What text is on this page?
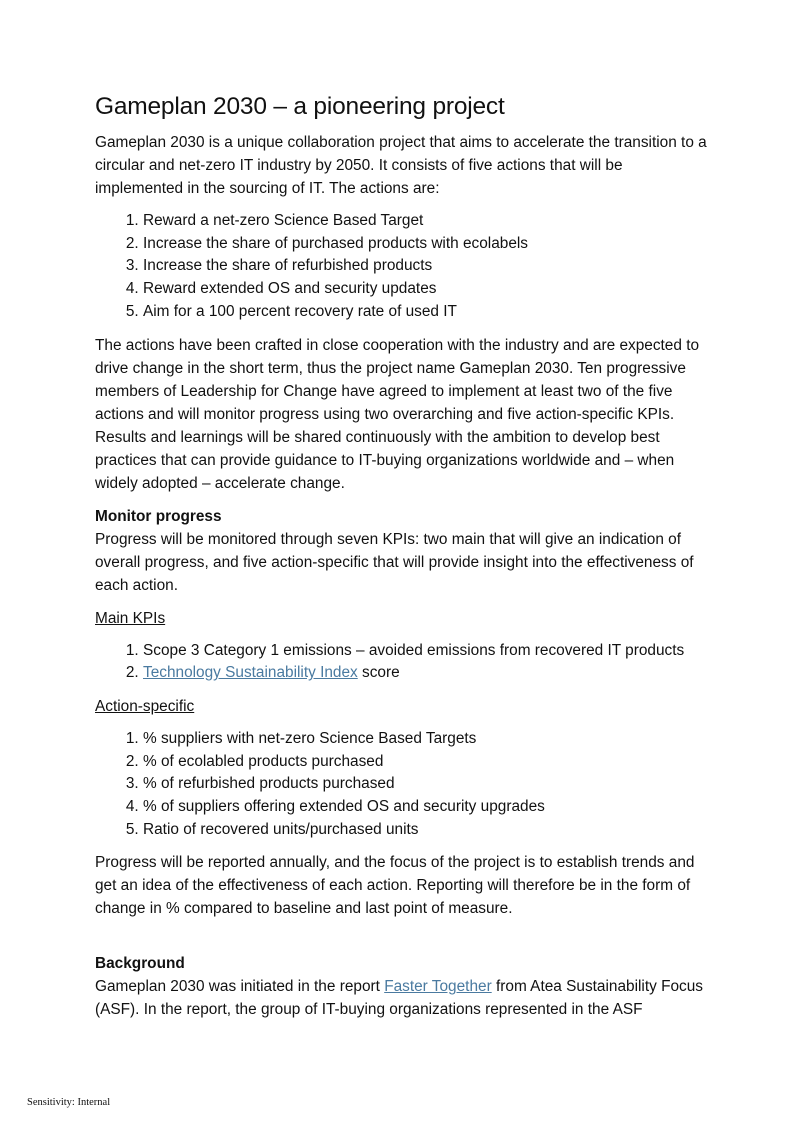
Gameplan 2030 – a pioneering project

Gameplan 2030 is a unique collaboration project that aims to accelerate the transition to a circular and net-zero IT industry by 2050. It consists of five actions that will be implemented in the sourcing of IT. The actions are:

1. Reward a net-zero Science Based Target
2. Increase the share of purchased products with ecolabels
3. Increase the share of refurbished products
4. Reward extended OS and security updates
5. Aim for a 100 percent recovery rate of used IT

The actions have been crafted in close cooperation with the industry and are expected to drive change in the short term, thus the project name Gameplan 2030. Ten progressive members of Leadership for Change have agreed to implement at least two of the five actions and will monitor progress using two overarching and five action-specific KPIs. Results and learnings will be shared continuously with the ambition to develop best practices that can provide guidance to IT-buying organizations worldwide and – when widely adopted – accelerate change.

Monitor progress

Progress will be monitored through seven KPIs: two main that will give an indication of overall progress, and five action-specific that will provide insight into the effectiveness of each action.

Main KPIs

1. Scope 3 Category 1 emissions – avoided emissions from recovered IT products
2. Technology Sustainability Index score

Action-specific

1. % suppliers with net-zero Science Based Targets
2. % of ecolabled products purchased
3. % of refurbished products purchased
4. % of suppliers offering extended OS and security upgrades
5. Ratio of recovered units/purchased units

Progress will be reported annually, and the focus of the project is to establish trends and get an idea of the effectiveness of each action. Reporting will therefore be in the form of change in % compared to baseline and last point of measure.

Background

Gameplan 2030 was initiated in the report Faster Together from Atea Sustainability Focus (ASF). In the report, the group of IT-buying organizations represented in the ASF

Sensitivity: Internal
